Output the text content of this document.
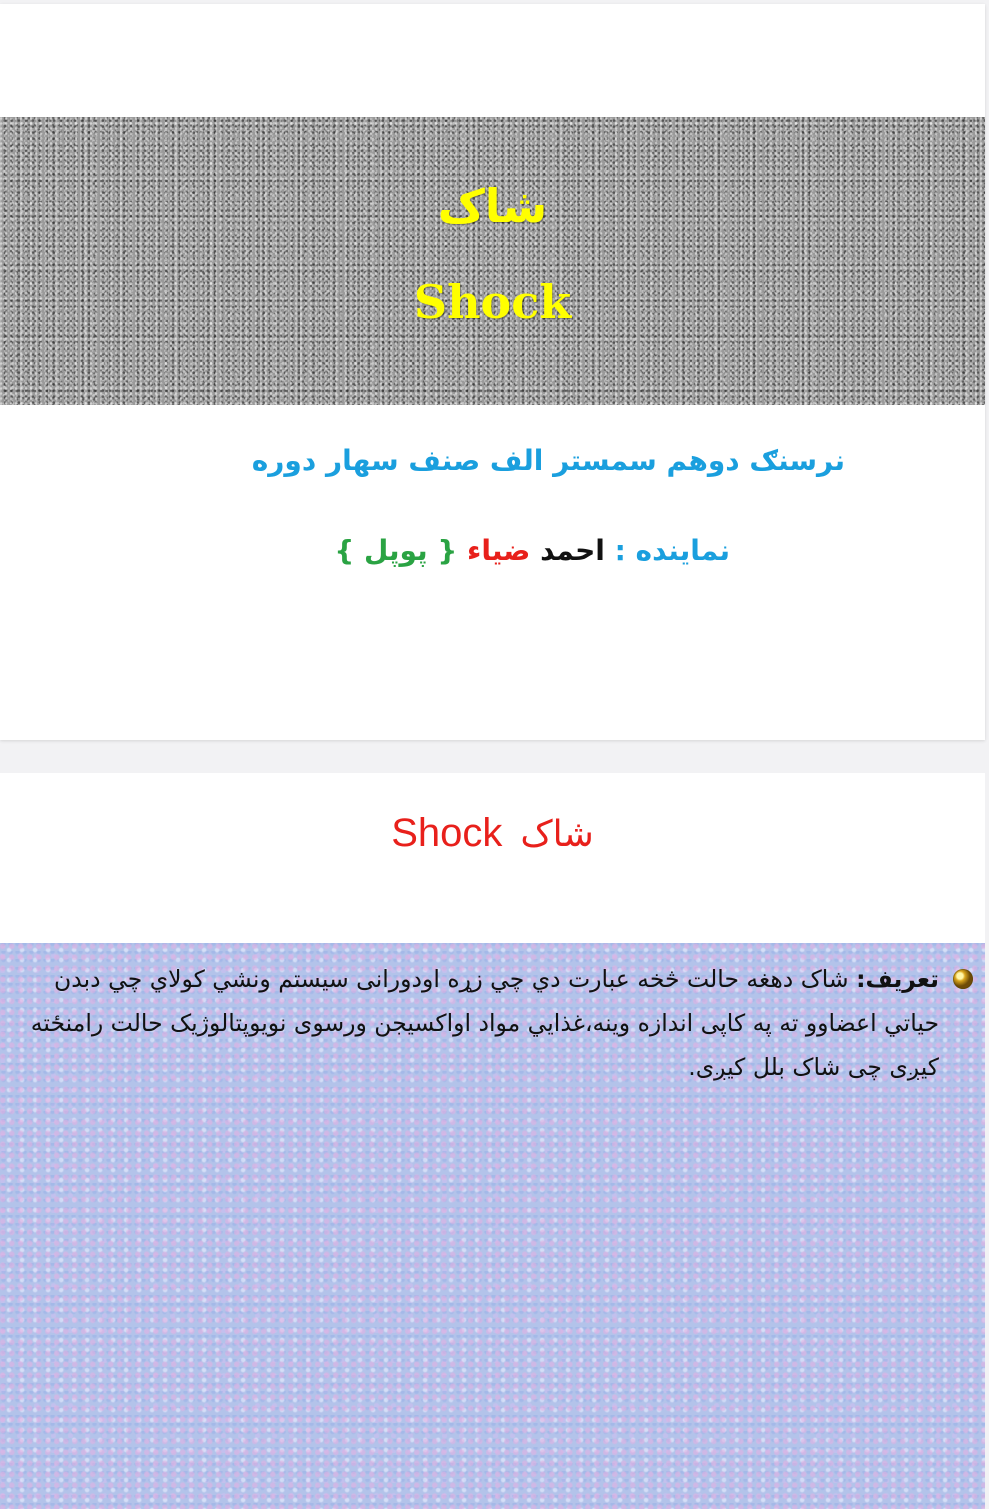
شاک
Shock
نرسنګ دوهم سمستر الف صنف سهار دوره
نماینده : احمد ضیاء { پوپل }
Shock شاک
تعریف: شاک دهغه حالت څخه عبارت دي چي زړه اودورانی سیستم ونشي کولاي چي دبدن حیاتي اعضاوو ته په کاپی اندازه وینه،غذایي مواد اواکسیجن ورسوی نویوپتالوژیک حالت رامنځته کیږی چی شاک بلل کیږی.
